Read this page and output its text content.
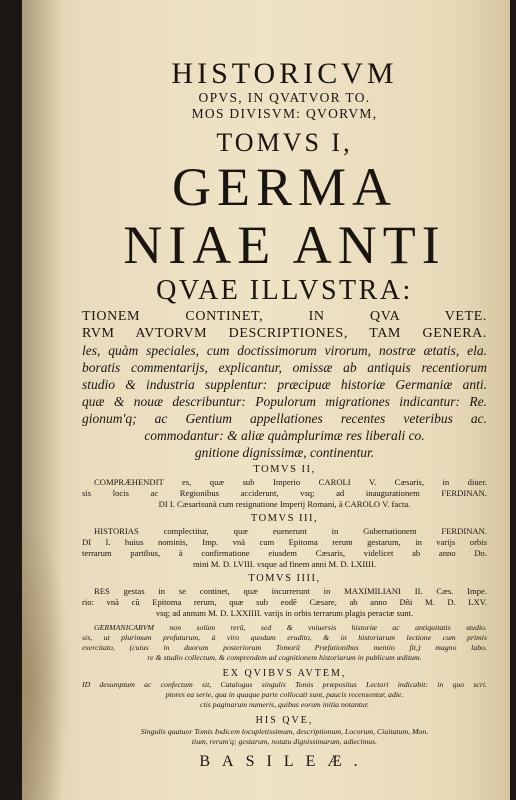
HISTORICVM
OPVS, IN QVATVOR TO.
MOS DIVISVM: QVORVM,
TOMVS I,
GERMA
NIAE ANTI
QVAE ILLVSTRA:
TIONEM CONTINET, IN QVA VETE.
RVM AVTORVM DESCRIPTIONES, TAM GENERA.
les, quàm speciales, cum doctissimorum virorum, nostræ ætatis, ela.
boratis commentarijs, explicantur, omissæ ab antiquis recentiorum
studio & industria supplentur: præcipuæ historiæ Germaniæ anti.
quæ & nouæ describuntur: Populorum migrationes indicantur: Re.
gionum'q; ac Gentium appellationes recentes veteribus ac.
commodantur: & aliæ quàmplurimæ res liberali co.
gnitione dignissimæ, continentur.
TOMVS II,
COMPRÆHENDIT es, quæ sub Imperio CAROLI V. Cæsaris, in diuer.
sis locis ac Regionibus acciderunt, vsq; ad inaugurationem FERDINAN.
DI I. Cæsarisunà cum resignatione Imperij Romani, à CAROLO V. facta.
TOMVS III,
HISTORIAS complectitur, quæ euenerunt in Gubernationem FERDINAN.
DI I. huius nominis, Imp. vnà cum Epitoma rerum gestarum, in varijs orbis
terrarum partibus, à confirmatione eiusdem Cæsaris, videlicet ab anno Do.
mini M. D. LVIII. vsque ad finem anni M. D. LXIIII.
TOMVS IIII,
RES gestas in se continet, quæ incurrerunt in MAXIMILIANI II. Cæs. Impe.
rio: vnà cũ Epitoma rerum, quæ sub eodẽ Cæsare, ab anno Dñi M. D. LXV.
vsq; ad annum M. D. LXXIIII. varijs in orbis terrarum plagis peractæ sunt.
GERMANICARVM non solùm rerũ, sed & vniuersis historiæ ac antiquitatis studio.
sis, ut plurimum profuturum, à viro quodam erudito, & in historiarum lectione cum primis
exercitato, (cuius in duorum posteriorum Tomorũ Præfationibus mentio fit,) magno labo.
re & studio collectum, & comprendem ad cognitionem historiarum in publicum æditum.
EX QVIBVS AVTEM,
ID desumptum ac confectum sit, Catalogus singulis Tomis præpositus Lectori indicabit: in quo scri.
ptores ea serie, qua in quaque parte collocati sunt, paucis recensentur, adie.
ctis paginarum numeris, quibus eorum initia notantur.
HIS QVE,
Singulis quatuor Tomis Indicem locupletissimum, descriptionum, Locorum, Ciuitatum, Mon.
tium, rerum'q; gestarum, notatu dignissimarum, adiecimus.
BASILEÆ.
